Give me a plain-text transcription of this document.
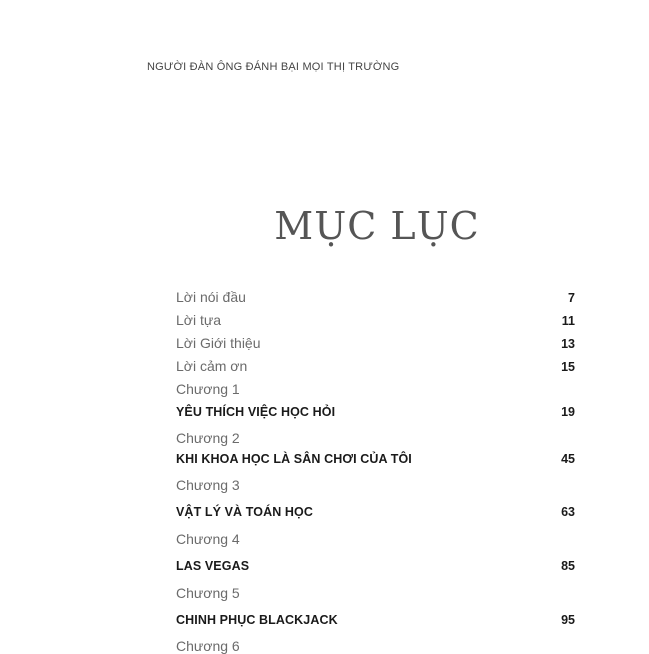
NGƯỜI ĐÀN ÔNG ĐÁNH BẠI MỌI THỊ TRƯỜNG
MỤC LỤC
Lời nói đầu	7
Lời tựa	11
Lời Giới thiệu	13
Lời cảm ơn	15
Chương 1
YÊU THÍCH VIỆC HỌC HỎI	19
Chương 2
KHI KHOA HỌC LÀ SÂN CHƠI CỦA TÔI	45
Chương 3
VẬT LÝ VÀ TOÁN HỌC	63
Chương 4
LAS VEGAS	85
Chương 5
CHINH PHỤC BLACKJACK	95
Chương 6
